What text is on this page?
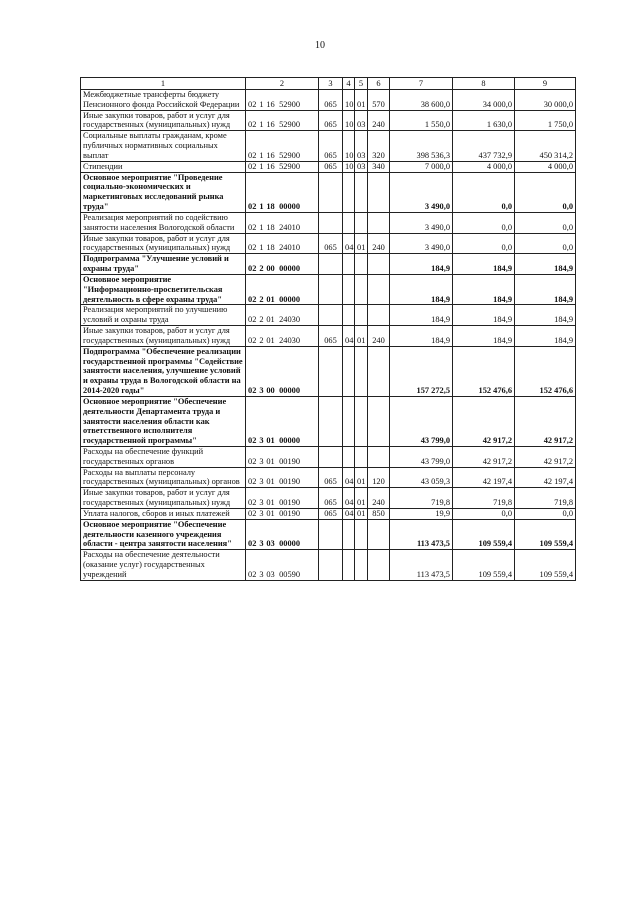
10
1	2	3	4	5	6	7	8	9
Межбюджетные трансферты бюджету Пенсионного фонда Российской Федерации	02 1 16 52900	065	10	01	570	38 600,0	34 000,0	30 000,0
Иные закупки товаров, работ и услуг для государственных (муниципальных) нужд	02 1 16 52900	065	10	03	240	1 550,0	1 630,0	1 750,0
Социальные выплаты гражданам, кроме публичных нормативных социальных выплат	02 1 16 52900	065	10	03	320	398 536,3	437 732,9	450 314,2
Стипендии	02 1 16 52900	065	10	03	340	7 000,0	4 000,0	4 000,0
Основное мероприятие "Проведение социально-экономических и маркетинговых исследований рынка труда"	02 1 18 00000					3 490,0	0,0	0,0
Реализация мероприятий по содействию занятости населения Вологодской области	02 1 18 24010					3 490,0	0,0	0,0
Иные закупки товаров, работ и услуг для государственных (муниципальных) нужд	02 1 18 24010	065	04	01	240	3 490,0	0,0	0,0
Подпрограмма "Улучшение условий и охраны труда"	02 2 00 00000					184,9	184,9	184,9
Основное мероприятие "Информационно-просветительская деятельность в сфере охраны труда"	02 2 01 00000					184,9	184,9	184,9
Реализация мероприятий по улучшению условий и охраны труда	02 2 01 24030					184,9	184,9	184,9
Иные закупки товаров, работ и услуг для государственных (муниципальных) нужд	02 2 01 24030	065	04	01	240	184,9	184,9	184,9
Подпрограмма "Обеспечение реализации государственной программы "Содействие занятости населения, улучшение условий и охраны труда в Вологодской области на 2014-2020 годы"	02 3 00 00000					157 272,5	152 476,6	152 476,6
Основное мероприятие "Обеспечение деятельности Департамента труда и занятости населения области как ответственного исполнителя государственной программы"	02 3 01 00000					43 799,0	42 917,2	42 917,2
Расходы на обеспечение функций государственных органов	02 3 01 00190					43 799,0	42 917,2	42 917,2
Расходы на выплаты персоналу государственных (муниципальных) органов	02 3 01 00190	065	04	01	120	43 059,3	42 197,4	42 197,4
Иные закупки товаров, работ и услуг для государственных (муниципальных) нужд	02 3 01 00190	065	04	01	240	719,8	719,8	719,8
Уплата налогов, сборов и иных платежей	02 3 01 00190	065	04	01	850	19,9	0,0	0,0
Основное мероприятие "Обеспечение деятельности казенного учреждения области - центра занятости населения"	02 3 03 00000					113 473,5	109 559,4	109 559,4
Расходы на обеспечение деятельности (оказание услуг) государственных учреждений	02 3 03 00590					113 473,5	109 559,4	109 559,4
